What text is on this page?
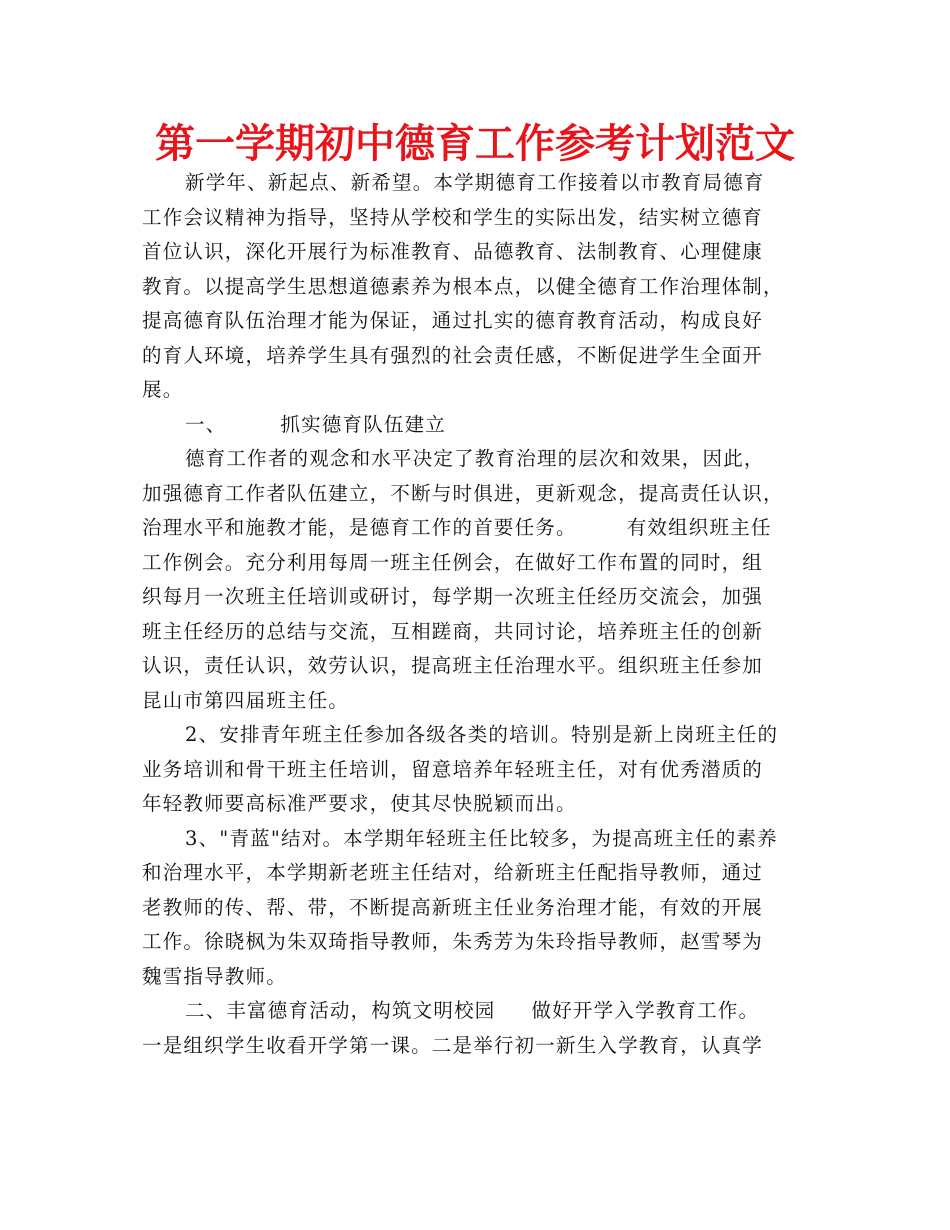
第一学期初中德育工作参考计划范文
新学年、新起点、新希望。本学期德育工作接着以市教育局德育
工作会议精神为指导，坚持从学校和学生的实际出发，结实树立德育
首位认识，深化开展行为标准教育、品德教育、法制教育、心理健康
教育。以提高学生思想道德素养为根本点，以健全德育工作治理体制，
提高德育队伍治理才能为保证，通过扎实的德育教育活动，构成良好
的育人环境，培养学生具有强烈的社会责任感，不断促进学生全面开
展。
一、	抓实德育队伍建立
德育工作者的观念和水平决定了教育治理的层次和效果，因此，
加强德育工作者队伍建立，不断与时俱进，更新观念，提高责任认识，
治理水平和施教才能，是德育工作的首要任务。	有效组织班主任
工作例会。充分利用每周一班主任例会，在做好工作布置的同时，组
织每月一次班主任培训或研讨，每学期一次班主任经历交流会，加强
班主任经历的总结与交流，互相蹉商，共同讨论，培养班主任的创新
认识，责任认识，效劳认识，提高班主任治理水平。组织班主任参加
昆山市第四届班主任。
2、安排青年班主任参加各级各类的培训。特别是新上岗班主任的
业务培训和骨干班主任培训，留意培养年轻班主任，对有优秀潜质的
年轻教师要高标准严要求，使其尽快脱颖而出。
3、"青蓝"结对。本学期年轻班主任比较多，为提高班主任的素养
和治理水平，本学期新老班主任结对，给新班主任配指导教师，通过
老教师的传、帮、带，不断提高新班主任业务治理才能，有效的开展
工作。徐晓枫为朱双琦指导教师，朱秀芳为朱玲指导教师，赵雪琴为
魏雪指导教师。
二、丰富德育活动，构筑文明校园 做好开学入学教育工作。
一是组织学生收看开学第一课。二是举行初一新生入学教育，认真学
